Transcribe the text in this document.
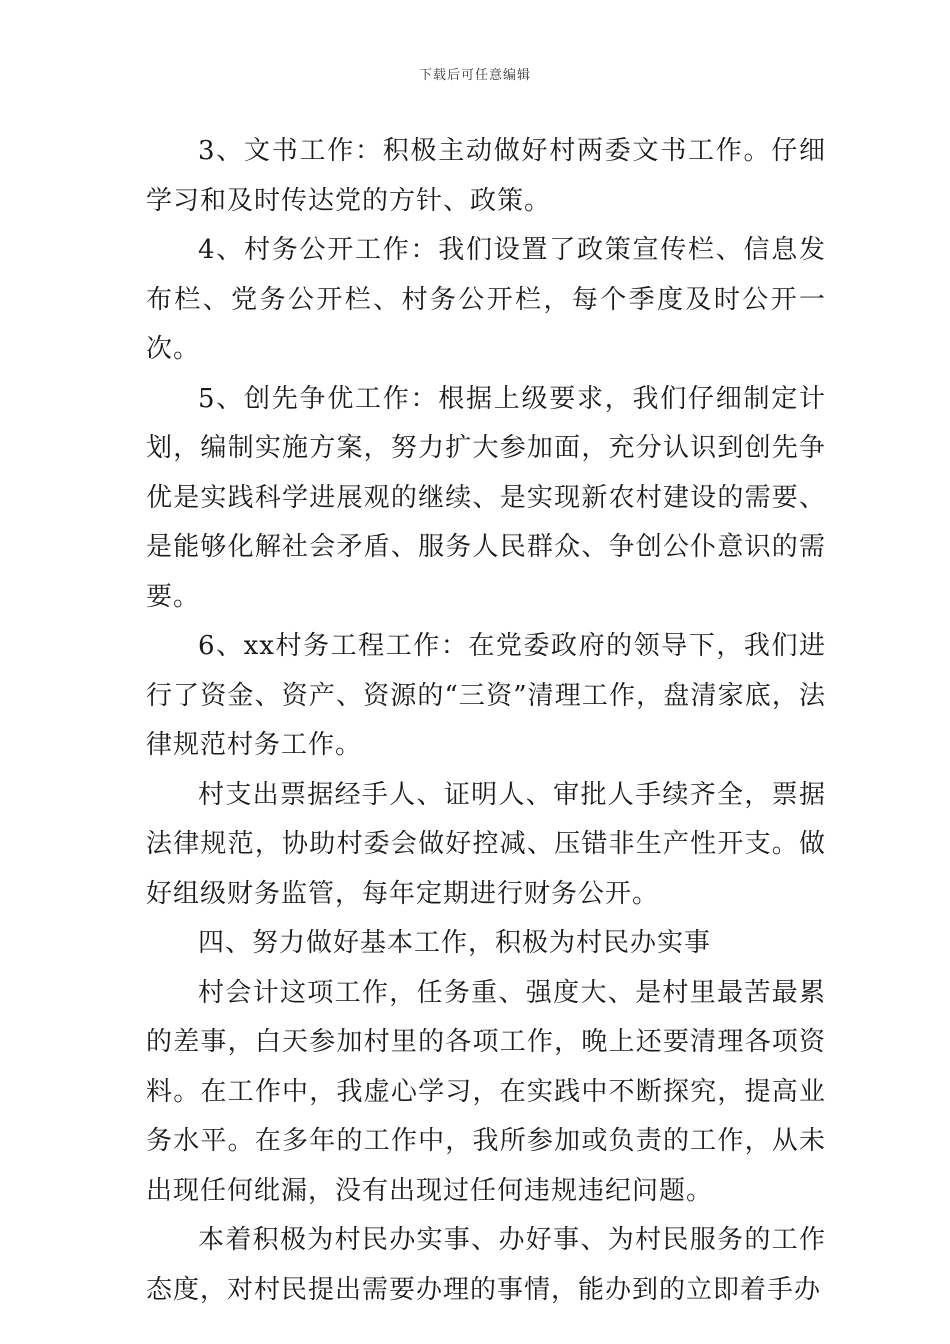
下载后可任意编辑

3、文书工作：积极主动做好村两委文书工作。仔细学习和及时传达党的方针、政策。

4、村务公开工作：我们设置了政策宣传栏、信息发布栏、党务公开栏、村务公开栏，每个季度及时公开一次。

5、创先争优工作：根据上级要求，我们仔细制定计划，编制实施方案，努力扩大参加面，充分认识到创先争优是实践科学进展观的继续、是实现新农村建设的需要、是能够化解社会矛盾、服务人民群众、争创公仆意识的需要。

6、xx村务工程工作：在党委政府的领导下，我们进行了资金、资产、资源的“三资”清理工作，盘清家底，法律规范村务工作。

村支出票据经手人、证明人、审批人手续齐全，票据法律规范，协助村委会做好控减、压错非生产性开支。做好组级财务监管，每年定期进行财务公开。

四、努力做好基本工作，积极为村民办实事

村会计这项工作，任务重、强度大、是村里最苦最累的差事，白天参加村里的各项工作，晚上还要清理各项资料。在工作中，我虚心学习，在实践中不断探究，提高业务水平。在多年的工作中，我所参加或负责的工作，从未出现任何纰漏，没有出现过任何违规违纪问题。

本着积极为村民办实事、办好事、为村民服务的工作态度，对村民提出需要办理的事情，能办到的立即着手办
